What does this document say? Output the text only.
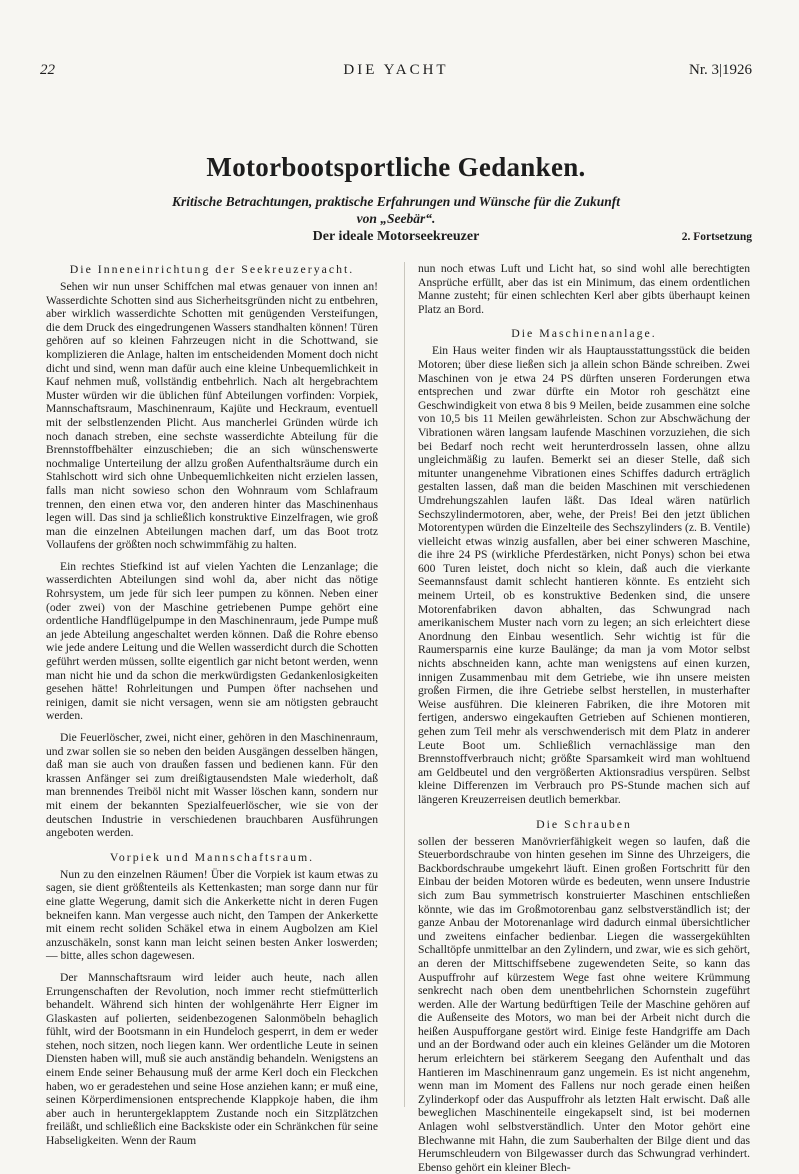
22	DIE YACHT	Nr. 3|1926
Motorbootsportliche Gedanken.
Kritische Betrachtungen, praktische Erfahrungen und Wünsche für die Zukunft
von „Seebär“.
Der ideale Motorseekreuzer	2. Fortsetzung
Die Inneneinrichtung der Seekreuzeryacht.

Sehen wir nun unser Schiffchen mal etwas genauer von innen an! Wasserdichte Schotten sind aus Sicherheitsgründen nicht zu entbehren, aber wirklich wasserdichte Schotten mit genügenden Versteifungen, die dem Druck des eingedrungenen Wassers standhalten können! Türen gehören auf so kleinen Fahrzeugen nicht in die Schottwand, sie komplizieren die Anlage, halten im entscheidenden Moment doch nicht dicht und sind, wenn man dafür auch eine kleine Unbequemlichkeit in Kauf nehmen muß, vollständig entbehrlich. Nach alt hergebrachtem Muster würden wir die üblichen fünf Abteilungen vorfinden: Vorpiek, Mannschaftsraum, Maschinenraum, Kajüte und Heckraum, eventuell mit der selbstlenzenden Plicht. Aus mancherlei Gründen würde ich noch danach streben, eine sechste wasserdichte Abteilung für die Brennstoffbehälter einzuschieben; die an sich wünschenswerte nochmalige Unterteilung der allzu großen Aufenthaltsräume durch ein Stahlschott wird sich ohne Unbequemlichkeiten nicht erzielen lassen, falls man nicht sowieso schon den Wohnraum vom Schlafraum trennen, den einen etwa vor, den anderen hinter das Maschinenhaus legen will. Das sind ja schließlich konstruktive Einzelfragen, wie groß man die einzelnen Abteilungen machen darf, um das Boot trotz Vollaufens der größten noch schwimmfähig zu halten.

Ein rechtes Stiefkind ist auf vielen Yachten die Lenzanlage; die wasserdichten Abteilungen sind wohl da, aber nicht das nötige Rohrsystem, um jede für sich leer pumpen zu können. Neben einer (oder zwei) von der Maschine getriebenen Pumpe gehört eine ordentliche Handflügelpumpe in den Maschinenraum, jede Pumpe muß an jede Abteilung angeschaltet werden können. Daß die Rohre ebenso wie jede andere Leitung und die Wellen wasserdicht durch die Schotten geführt werden müssen, sollte eigentlich gar nicht betont werden, wenn man nicht hie und da schon die merkwürdigsten Gedankenlosigkeiten gesehen hätte! Rohrleitungen und Pumpen öfter nachsehen und reinigen, damit sie nicht versagen, wenn sie am nötigsten gebraucht werden.

Die Feuerlöscher, zwei, nicht einer, gehören in den Maschinenraum, und zwar sollen sie so neben den beiden Ausgängen desselben hängen, daß man sie auch von draußen fassen und bedienen kann. Für den krassen Anfänger sei zum dreißigtausendsten Male wiederholt, daß man brennendes Treiböl nicht mit Wasser löschen kann, sondern nur mit einem der bekannten Spezialfeuerlöscher, wie sie von der deutschen Industrie in verschiedenen brauchbaren Ausführungen angeboten werden.

Vorpiek und Mannschaftsraum.

Nun zu den einzelnen Räumen! Über die Vorpiek ist kaum etwas zu sagen, sie dient größtenteils als Kettenkasten; man sorge dann nur für eine glatte Wegerung, damit sich die Ankerkette nicht in deren Fugen bekneifen kann. Man vergesse auch nicht, den Tampen der Ankerkette mit einem recht soliden Schäkel etwa in einem Augbolzen am Kiel anzuschäkeln, sonst kann man leicht seinen besten Anker loswerden; — bitte, alles schon dagewesen.

Der Mannschaftsraum wird leider auch heute, nach allen Errungenschaften der Revolution, noch immer recht stiefmütterlich behandelt. Während sich hinten der wohlgenährte Herr Eigner im Glaskasten auf polierten, seidenbezogenen Salonmöbeln behaglich fühlt, wird der Bootsmann in ein Hundeloch gesperrt, in dem er weder stehen, noch sitzen, noch liegen kann. Wer ordentliche Leute in seinen Diensten haben will, muß sie auch anständig behandeln. Wenigstens an einem Ende seiner Behausung muß der arme Kerl doch ein Fleckchen haben, wo er geradestehen und seine Hose anziehen kann; er muß eine, seinen Körperdimensionen entsprechende Klappkoje haben, die ihm aber auch in heruntergeklapptem Zustande noch ein Sitzplätzchen freiläßt, und schließlich eine Backskiste oder ein Schränkchen für seine Habseligkeiten. Wenn der Raum

nun noch etwas Luft und Licht hat, so sind wohl alle berechtigten Ansprüche erfüllt, aber das ist ein Minimum, das einem ordentlichen Manne zusteht; für einen schlechten Kerl aber gibts überhaupt keinen Platz an Bord.

Die Maschinenanlage.

Ein Haus weiter finden wir als Hauptausstattungsstück die beiden Motoren; über diese ließen sich ja allein schon Bände schreiben. Zwei Maschinen von je etwa 24 PS dürften unseren Forderungen etwa entsprechen und zwar dürfte ein Motor roh geschätzt eine Geschwindigkeit von etwa 8 bis 9 Meilen, beide zusammen eine solche von 10,5 bis 11 Meilen gewährleisten. Schon zur Abschwächung der Vibrationen wären langsam laufende Maschinen vorzuziehen, die sich bei Bedarf noch recht weit herunterdrosseln lassen, ohne allzu ungleichmäßig zu laufen. Bemerkt sei an dieser Stelle, daß sich mitunter unangenehme Vibrationen eines Schiffes dadurch erträglich gestalten lassen, daß man die beiden Maschinen mit verschiedenen Umdrehungszahlen laufen läßt. Das Ideal wären natürlich Sechszylindermotoren, aber, wehe, der Preis! Bei den jetzt üblichen Motorentypen würden die Einzelteile des Sechszylinders (z. B. Ventile) vielleicht etwas winzig ausfallen, aber bei einer schweren Maschine, die ihre 24 PS (wirkliche Pferdestärken, nicht Ponys) schon bei etwa 600 Turen leistet, doch nicht so klein, daß auch die vierkante Seemannsfaust damit schlecht hantieren könnte. Es entzieht sich meinem Urteil, ob es konstruktive Bedenken sind, die unsere Motorenfabriken davon abhalten, das Schwungrad nach amerikanischem Muster nach vorn zu legen; an sich erleichtert diese Anordnung den Einbau wesentlich. Sehr wichtig ist für die Raumersparnis eine kurze Baulänge; da man ja vom Motor selbst nichts abschneiden kann, achte man wenigstens auf einen kurzen, innigen Zusammenbau mit dem Getriebe, wie ihn unsere meisten großen Firmen, die ihre Getriebe selbst herstellen, in musterhafter Weise ausführen. Die kleineren Fabriken, die ihre Motoren mit fertigen, anderswo eingekauften Getrieben auf Schienen montieren, gehen zum Teil mehr als verschwenderisch mit dem Platz in anderer Leute Boot um. Schließlich vernachlässige man den Brennstoffverbrauch nicht; größte Sparsamkeit wird man wohltuend am Geldbeutel und den vergrößerten Aktionsradius verspüren. Selbst kleine Differenzen im Verbrauch pro PS-Stunde machen sich auf längeren Kreuzerreisen deutlich bemerkbar.

Die Schrauben

sollen der besseren Manövrierfähigkeit wegen so laufen, daß die Steuerbordschraube von hinten gesehen im Sinne des Uhrzeigers, die Backbordschraube umgekehrt läuft. Einen großen Fortschritt für den Einbau der beiden Motoren würde es bedeuten, wenn unsere Industrie sich zum Bau symmetrisch konstruierter Maschinen entschließen könnte, wie das im Großmotorenbau ganz selbstverständlich ist; der ganze Anbau der Motorenanlage wird dadurch einmal übersichtlicher und zweitens einfacher bedienbar. Liegen die wassergekühlten Schalltöpfe unmittelbar an den Zylindern, und zwar, wie es sich gehört, an deren der Mittschiffsebene zugewendeten Seite, so kann das Auspuffrohr auf kürzestem Wege fast ohne weitere Krümmung senkrecht nach oben dem unentbehrlichen Schornstein zugeführt werden. Alle der Wartung bedürftigen Teile der Maschine gehören auf die Außenseite des Motors, wo man bei der Arbeit nicht durch die heißen Auspufforgane gestört wird. Einige feste Handgriffe am Dach und an der Bordwand oder auch ein kleines Geländer um die Motoren herum erleichtern bei stärkerem Seegang den Aufenthalt und das Hantieren im Maschinenraum ganz ungemein. Es ist nicht angenehm, wenn man im Moment des Fallens nur noch gerade einen heißen Zylinderkopf oder das Auspuffrohr als letzten Halt erwischt. Daß alle beweglichen Maschinenteile eingekapselt sind, ist bei modernen Anlagen wohl selbstverständlich. Unter den Motor gehört eine Blechwanne mit Hahn, die zum Sauberhalten der Bilge dient und das Herumschleudern von Bilgewasser durch das Schwungrad verhindert. Ebenso gehört ein kleiner Blech-
